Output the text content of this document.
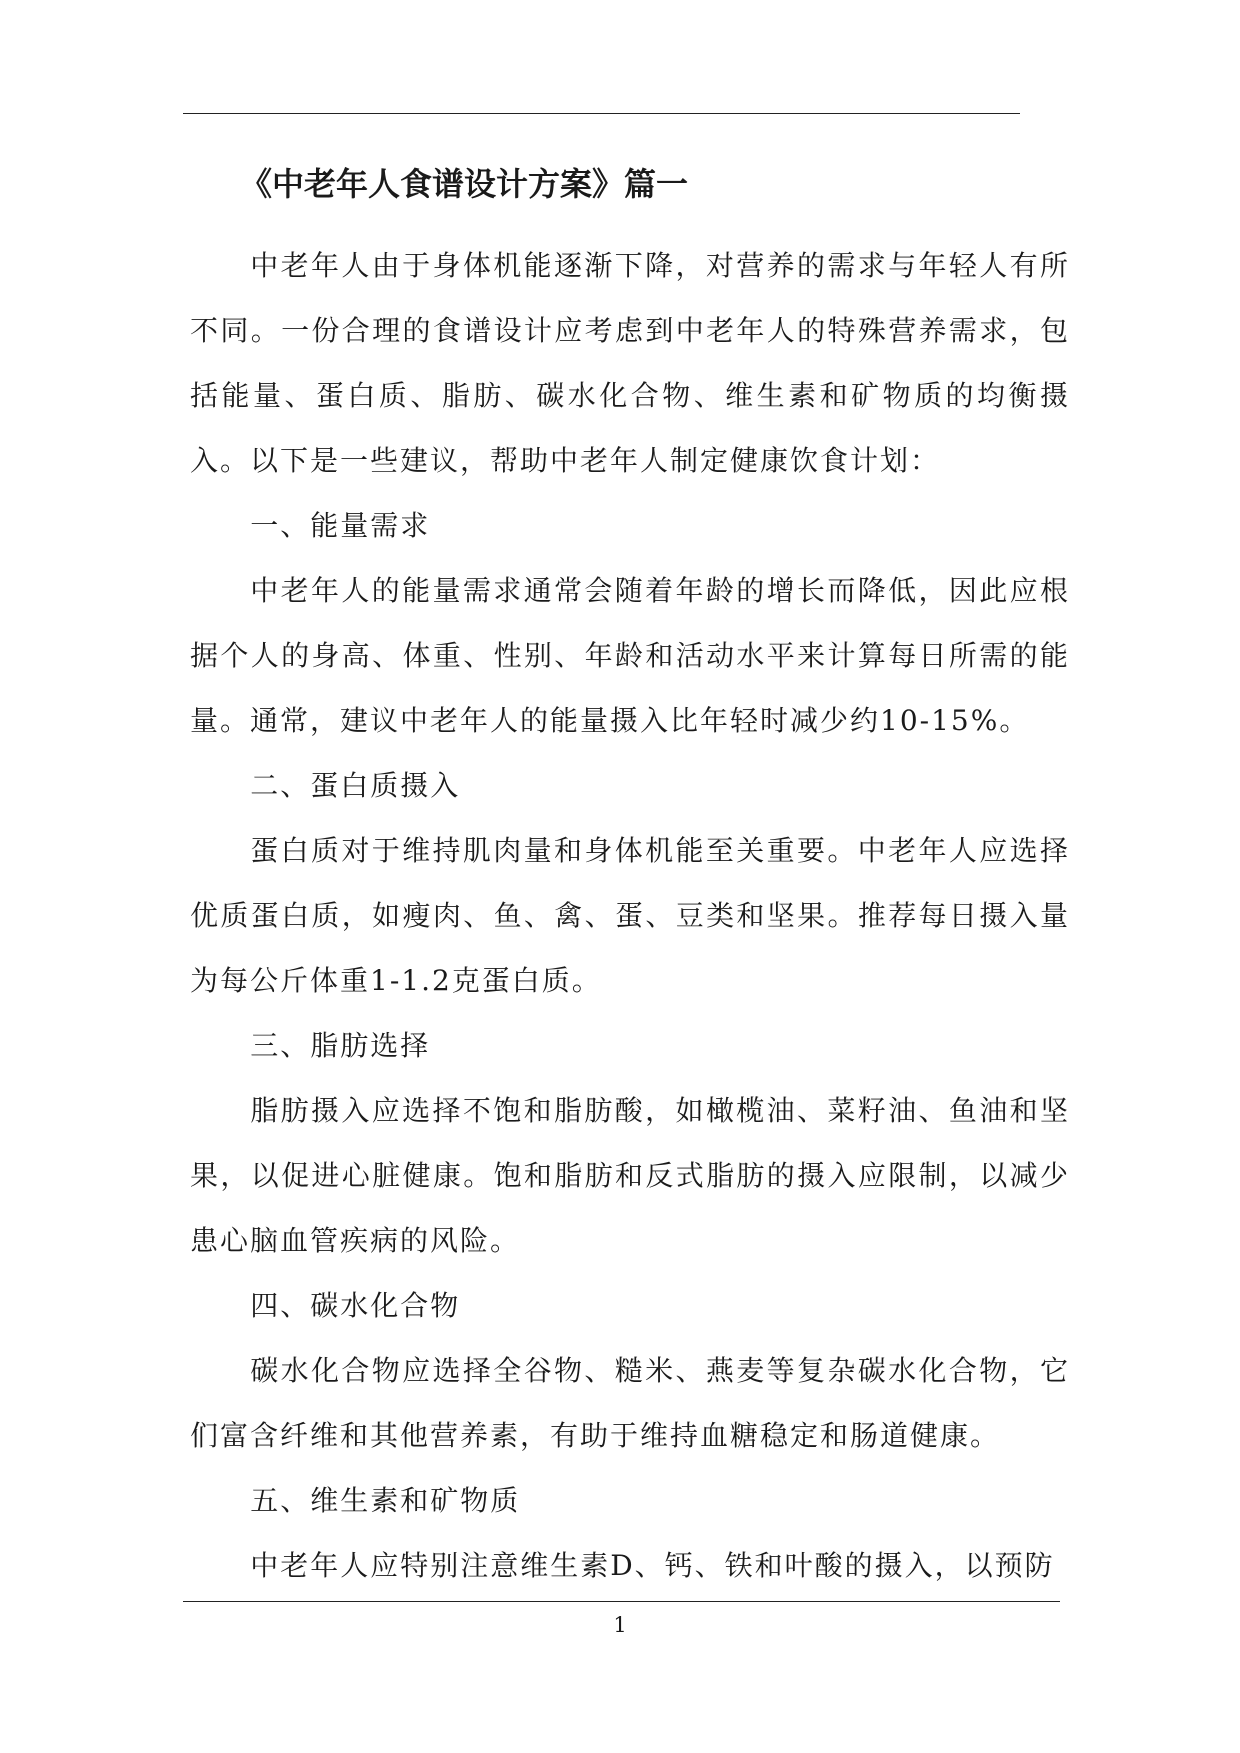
《中老年人食谱设计方案》篇一

中老年人由于身体机能逐渐下降，对营养的需求与年轻人有所不同。一份合理的食谱设计应考虑到中老年人的特殊营养需求，包括能量、蛋白质、脂肪、碳水化合物、维生素和矿物质的均衡摄入。以下是一些建议，帮助中老年人制定健康饮食计划：

一、能量需求

中老年人的能量需求通常会随着年龄的增长而降低，因此应根据个人的身高、体重、性别、年龄和活动水平来计算每日所需的能量。通常，建议中老年人的能量摄入比年轻时减少约10-15%。

二、蛋白质摄入

蛋白质对于维持肌肉量和身体机能至关重要。中老年人应选择优质蛋白质，如瘦肉、鱼、禽、蛋、豆类和坚果。推荐每日摄入量为每公斤体重1-1.2克蛋白质。

三、脂肪选择

脂肪摄入应选择不饱和脂肪酸，如橄榄油、菜籽油、鱼油和坚果，以促进心脏健康。饱和脂肪和反式脂肪的摄入应限制，以减少患心脑血管疾病的风险。

四、碳水化合物

碳水化合物应选择全谷物、糙米、燕麦等复杂碳水化合物，它们富含纤维和其他营养素，有助于维持血糖稳定和肠道健康。

五、维生素和矿物质

中老年人应特别注意维生素D、钙、铁和叶酸的摄入，以预防

1
